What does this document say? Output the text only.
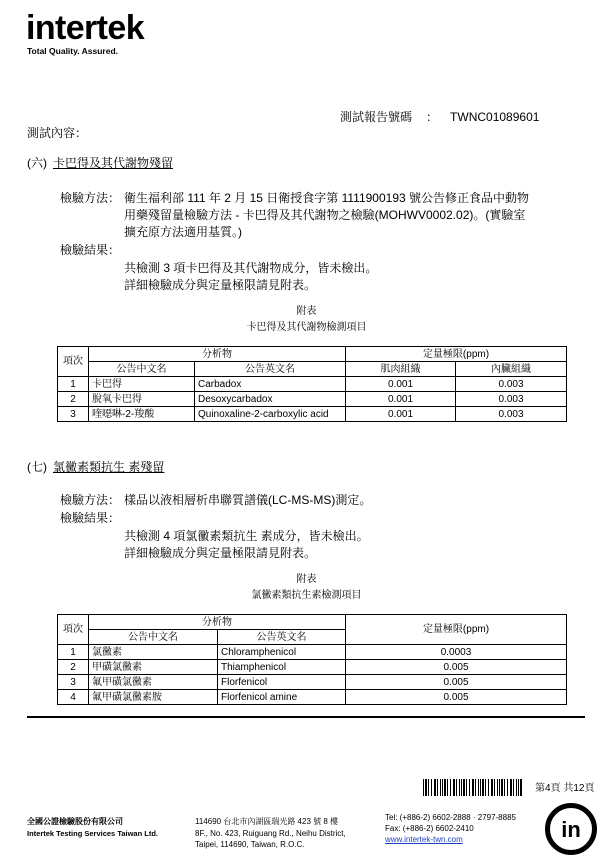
intertek
Total Quality. Assured.
測試報告號碼 ： TWNC01089601
測試內容：
(六) 卡巴得及其代謝物殘留
檢驗方法： 衛生福利部 111 年 2 月 15 日衛授食字第 1111900193 號公告修正食品中動物
用藥殘留量檢驗方法 - 卡巴得及其代謝物之檢驗(MOHWV0002.02)。(實驗室
擴充原方法適用基質。)
檢驗結果：
共檢測 3 項卡巴得及其代謝物成分，皆未檢出。
詳細檢驗成分與定量極限請見附表。
附表
卡巴得及其代謝物檢測項目
項次	分析物		定量極限(ppm)	
	公告中文名	公告英文名	肌肉組織	內臟組織
1	卡巴得	Carbadox	0.001	0.003
2	脫氧卡巴得	Desoxycarbadox	0.001	0.003
3	喹噁啉-2-羧酸	Quinoxaline-2-carboxylic acid	0.001	0.003
(七) 氯黴素類抗生 素殘留
檢驗方法： 樣品以液相層析串聯質譜儀(LC-MS-MS)測定。
檢驗結果：
共檢測 4 項氯黴素類抗生 素成分，皆未檢出。
詳細檢驗成分與定量極限請見附表。
附表
氯黴素類抗生素檢測項目
項次	分析物		定量極限(ppm)
	公告中文名	公告英文名	
1	氯黴素	Chloramphenicol	0.0003
2	甲磺氯黴素	Thiamphenicol	0.005
3	氟甲磺氯黴素	Florfenicol	0.005
4	氟甲磺氯黴素胺	Florfenicol amine	0.005
第4頁 共12頁
全國公證檢驗股份有限公司
Intertek Testing Services Taiwan Ltd.
114690 台北市內湖區瑞光路 423 號 8 樓
8F., No. 423, Ruiguang Rd., Neihu District,
Taipei, 114690, Taiwan, R.O.C.
Tel: (+886-2) 6602-2888 · 2797-8885
Fax: (+886-2) 6602-2410
www.intertek-twn.com	in
